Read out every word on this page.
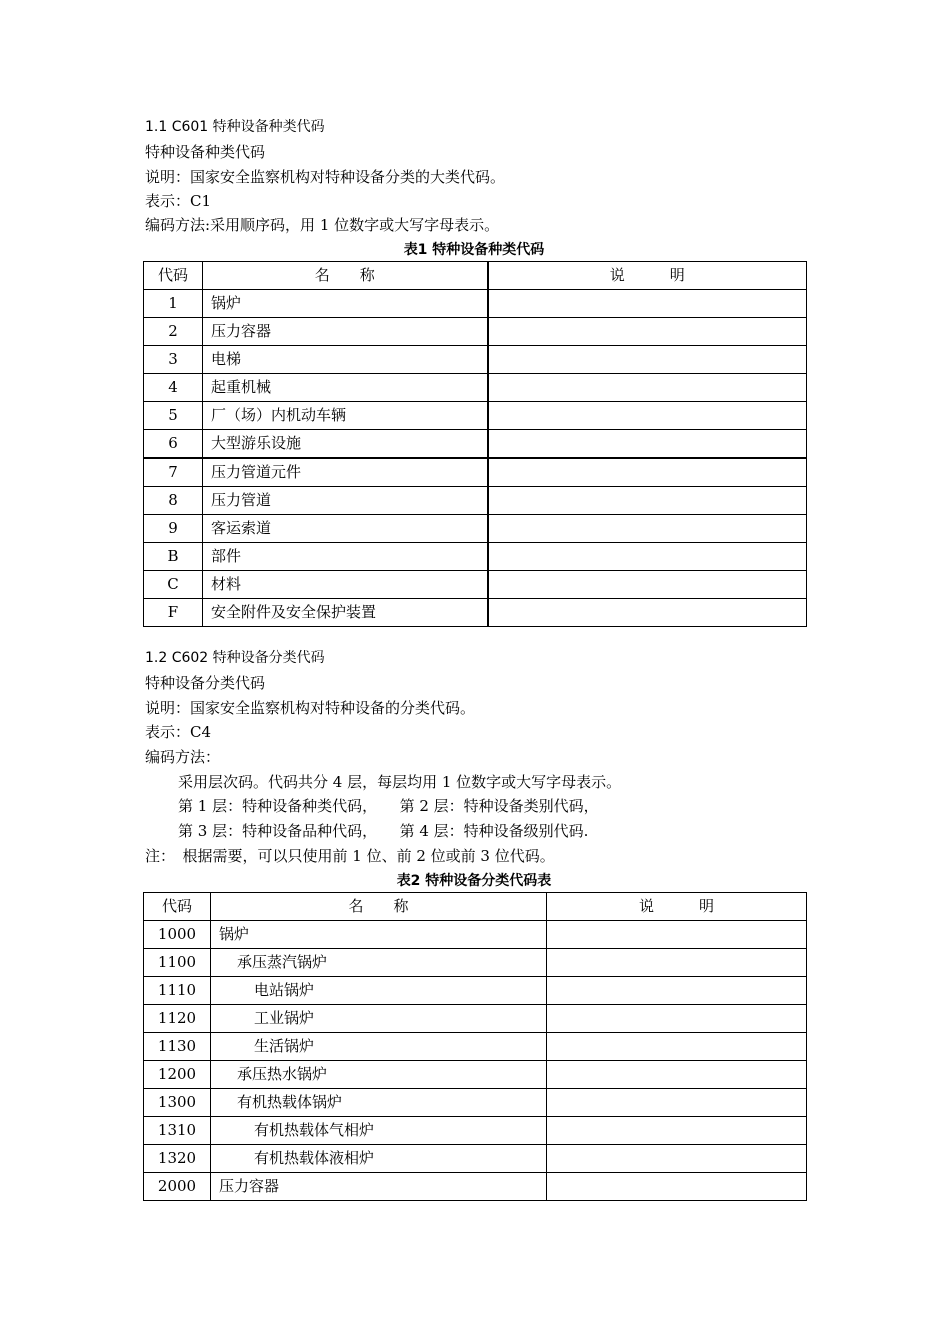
1.1 C601 特种设备种类代码
特种设备种类代码
说明：国家安全监察机构对特种设备分类的大类代码。
表示：C1
编码方法:采用顺序码，用 1 位数字或大写字母表示。
表1 特种设备种类代码
代码	名　　称	说　　　明
1	锅炉	
2	压力容器	
3	电梯	
4	起重机械	
5	厂（场）内机动车辆	
6	大型游乐设施	
7	压力管道元件	
8	压力管道	
9	客运索道	
B	部件	
C	材料	
F	安全附件及安全保护装置	
1.2 C602 特种设备分类代码
特种设备分类代码
说明：国家安全监察机构对特种设备的分类代码。
表示：C4
编码方法：
采用层次码。代码共分 4 层，每层均用 1 位数字或大写字母表示。
第 1 层：特种设备种类代码，　　第 2 层：特种设备类别代码，
第 3 层：特种设备品种代码，　　第 4 层：特种设备级别代码.
注：　根据需要，可以只使用前 1 位、前 2 位或前 3 位代码。
表2 特种设备分类代码表
代码	名　　称	说　　　明
1000	锅炉	
1100	承压蒸汽锅炉	
1110	电站锅炉	
1120	工业锅炉	
1130	生活锅炉	
1200	承压热水锅炉	
1300	有机热载体锅炉	
1310	有机热载体气相炉	
1320	有机热载体液相炉	
2000	压力容器	
